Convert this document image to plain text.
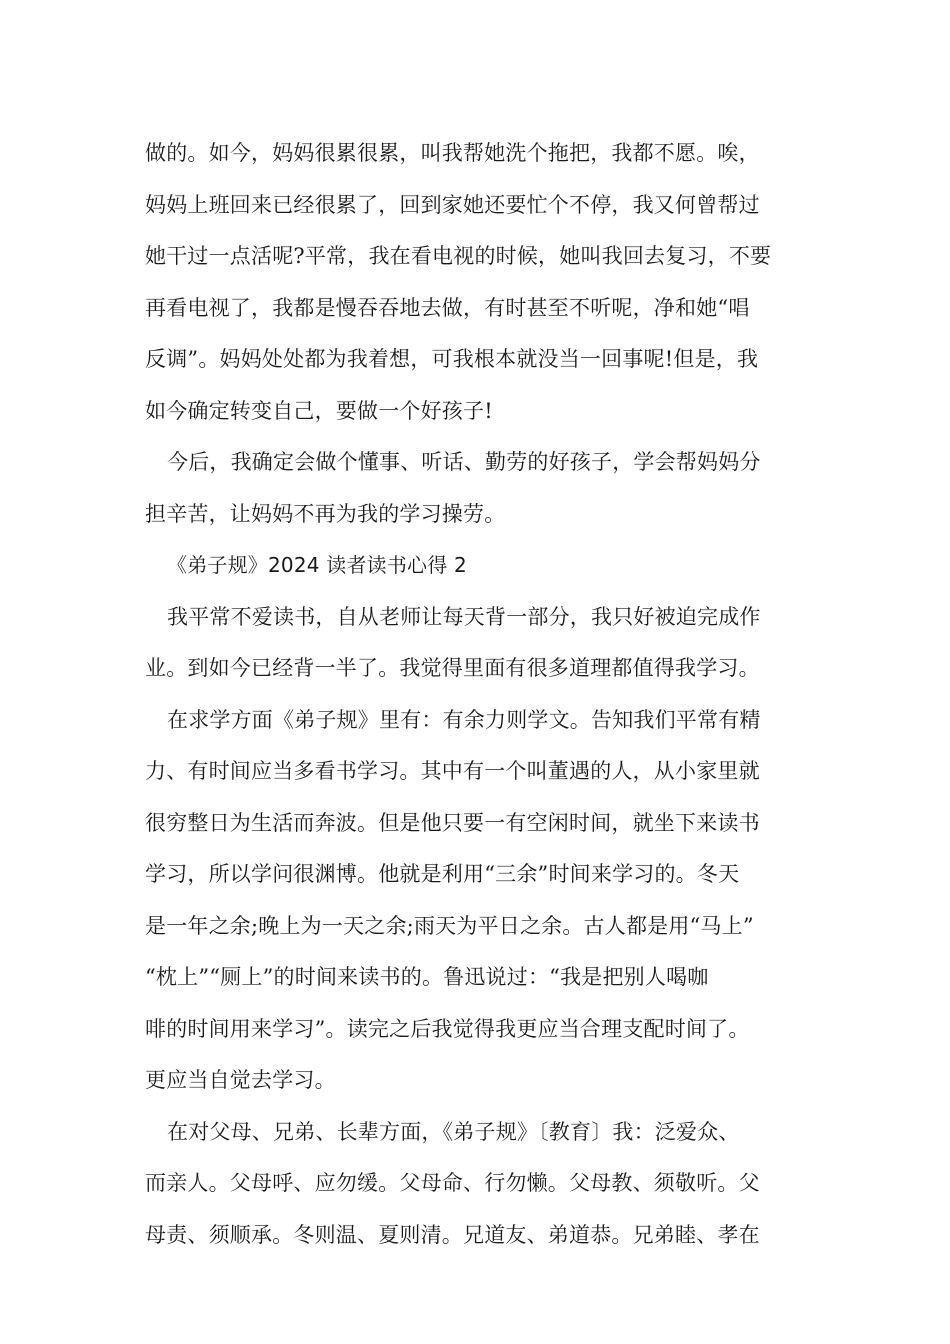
做的。如今，妈妈很累很累，叫我帮她洗个拖把，我都不愿。唉，
妈妈上班回来已经很累了，回到家她还要忙个不停，我又何曾帮过
她干过一点活呢?平常，我在看电视的时候，她叫我回去复习，不要
再看电视了，我都是慢吞吞地去做，有时甚至不听呢，净和她“唱
反调”。妈妈处处都为我着想，可我根本就没当一回事呢!但是，我
如今确定转变自己，要做一个好孩子!
今后，我确定会做个懂事、听话、勤劳的好孩子，学会帮妈妈分
担辛苦，让妈妈不再为我的学习操劳。
《弟子规》2024 读者读书心得 2
我平常不爱读书，自从老师让每天背一部分，我只好被迫完成作
业。到如今已经背一半了。我觉得里面有很多道理都值得我学习。
在求学方面《弟子规》里有：有余力则学文。告知我们平常有精
力、有时间应当多看书学习。其中有一个叫董遇的人，从小家里就
很穷整日为生活而奔波。但是他只要一有空闲时间，就坐下来读书
学习，所以学问很渊博。他就是利用“三余”时间来学习的。冬天
是一年之余;晚上为一天之余;雨天为平日之余。古人都是用“马上”
“枕上”“厕上”的时间来读书的。鲁迅说过：“我是把别人喝咖
啡的时间用来学习”。读完之后我觉得我更应当合理支配时间了。
更应当自觉去学习。
在对父母、兄弟、长辈方面，《弟子规》〔教育〕我：泛爱众、
而亲人。父母呼、应勿缓。父母命、行勿懒。父母教、须敬听。父
母责、须顺承。冬则温、夏则清。兄道友、弟道恭。兄弟睦、孝在
